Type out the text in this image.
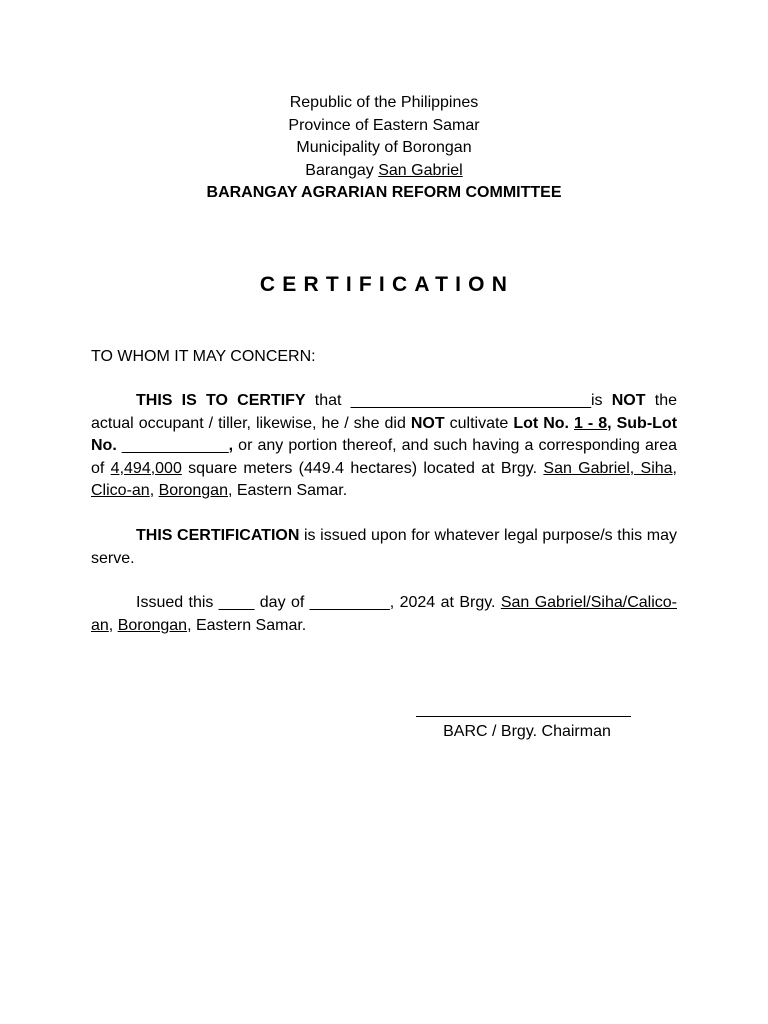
Republic of the Philippines
Province of Eastern Samar
Municipality of Borongan
Barangay San Gabriel
BARANGAY AGRARIAN REFORM COMMITTEE
CERTIFICATION
TO WHOM IT MAY CONCERN:
THIS IS TO CERTIFY that ___________________________is NOT the actual occupant / tiller, likewise, he / she did NOT cultivate Lot No. 1 - 8, Sub-Lot No. ____________, or any portion thereof, and such having a corresponding area of 4,494,000 square meters (449.4 hectares) located at Brgy. San Gabriel, Siha, Clico-an, Borongan, Eastern Samar.
THIS CERTIFICATION is issued upon for whatever legal purpose/s this may serve.
Issued this ____ day of _________, 2024 at Brgy. San Gabriel/Siha/Calico-an, Borongan, Eastern Samar.
BARC / Brgy. Chairman
